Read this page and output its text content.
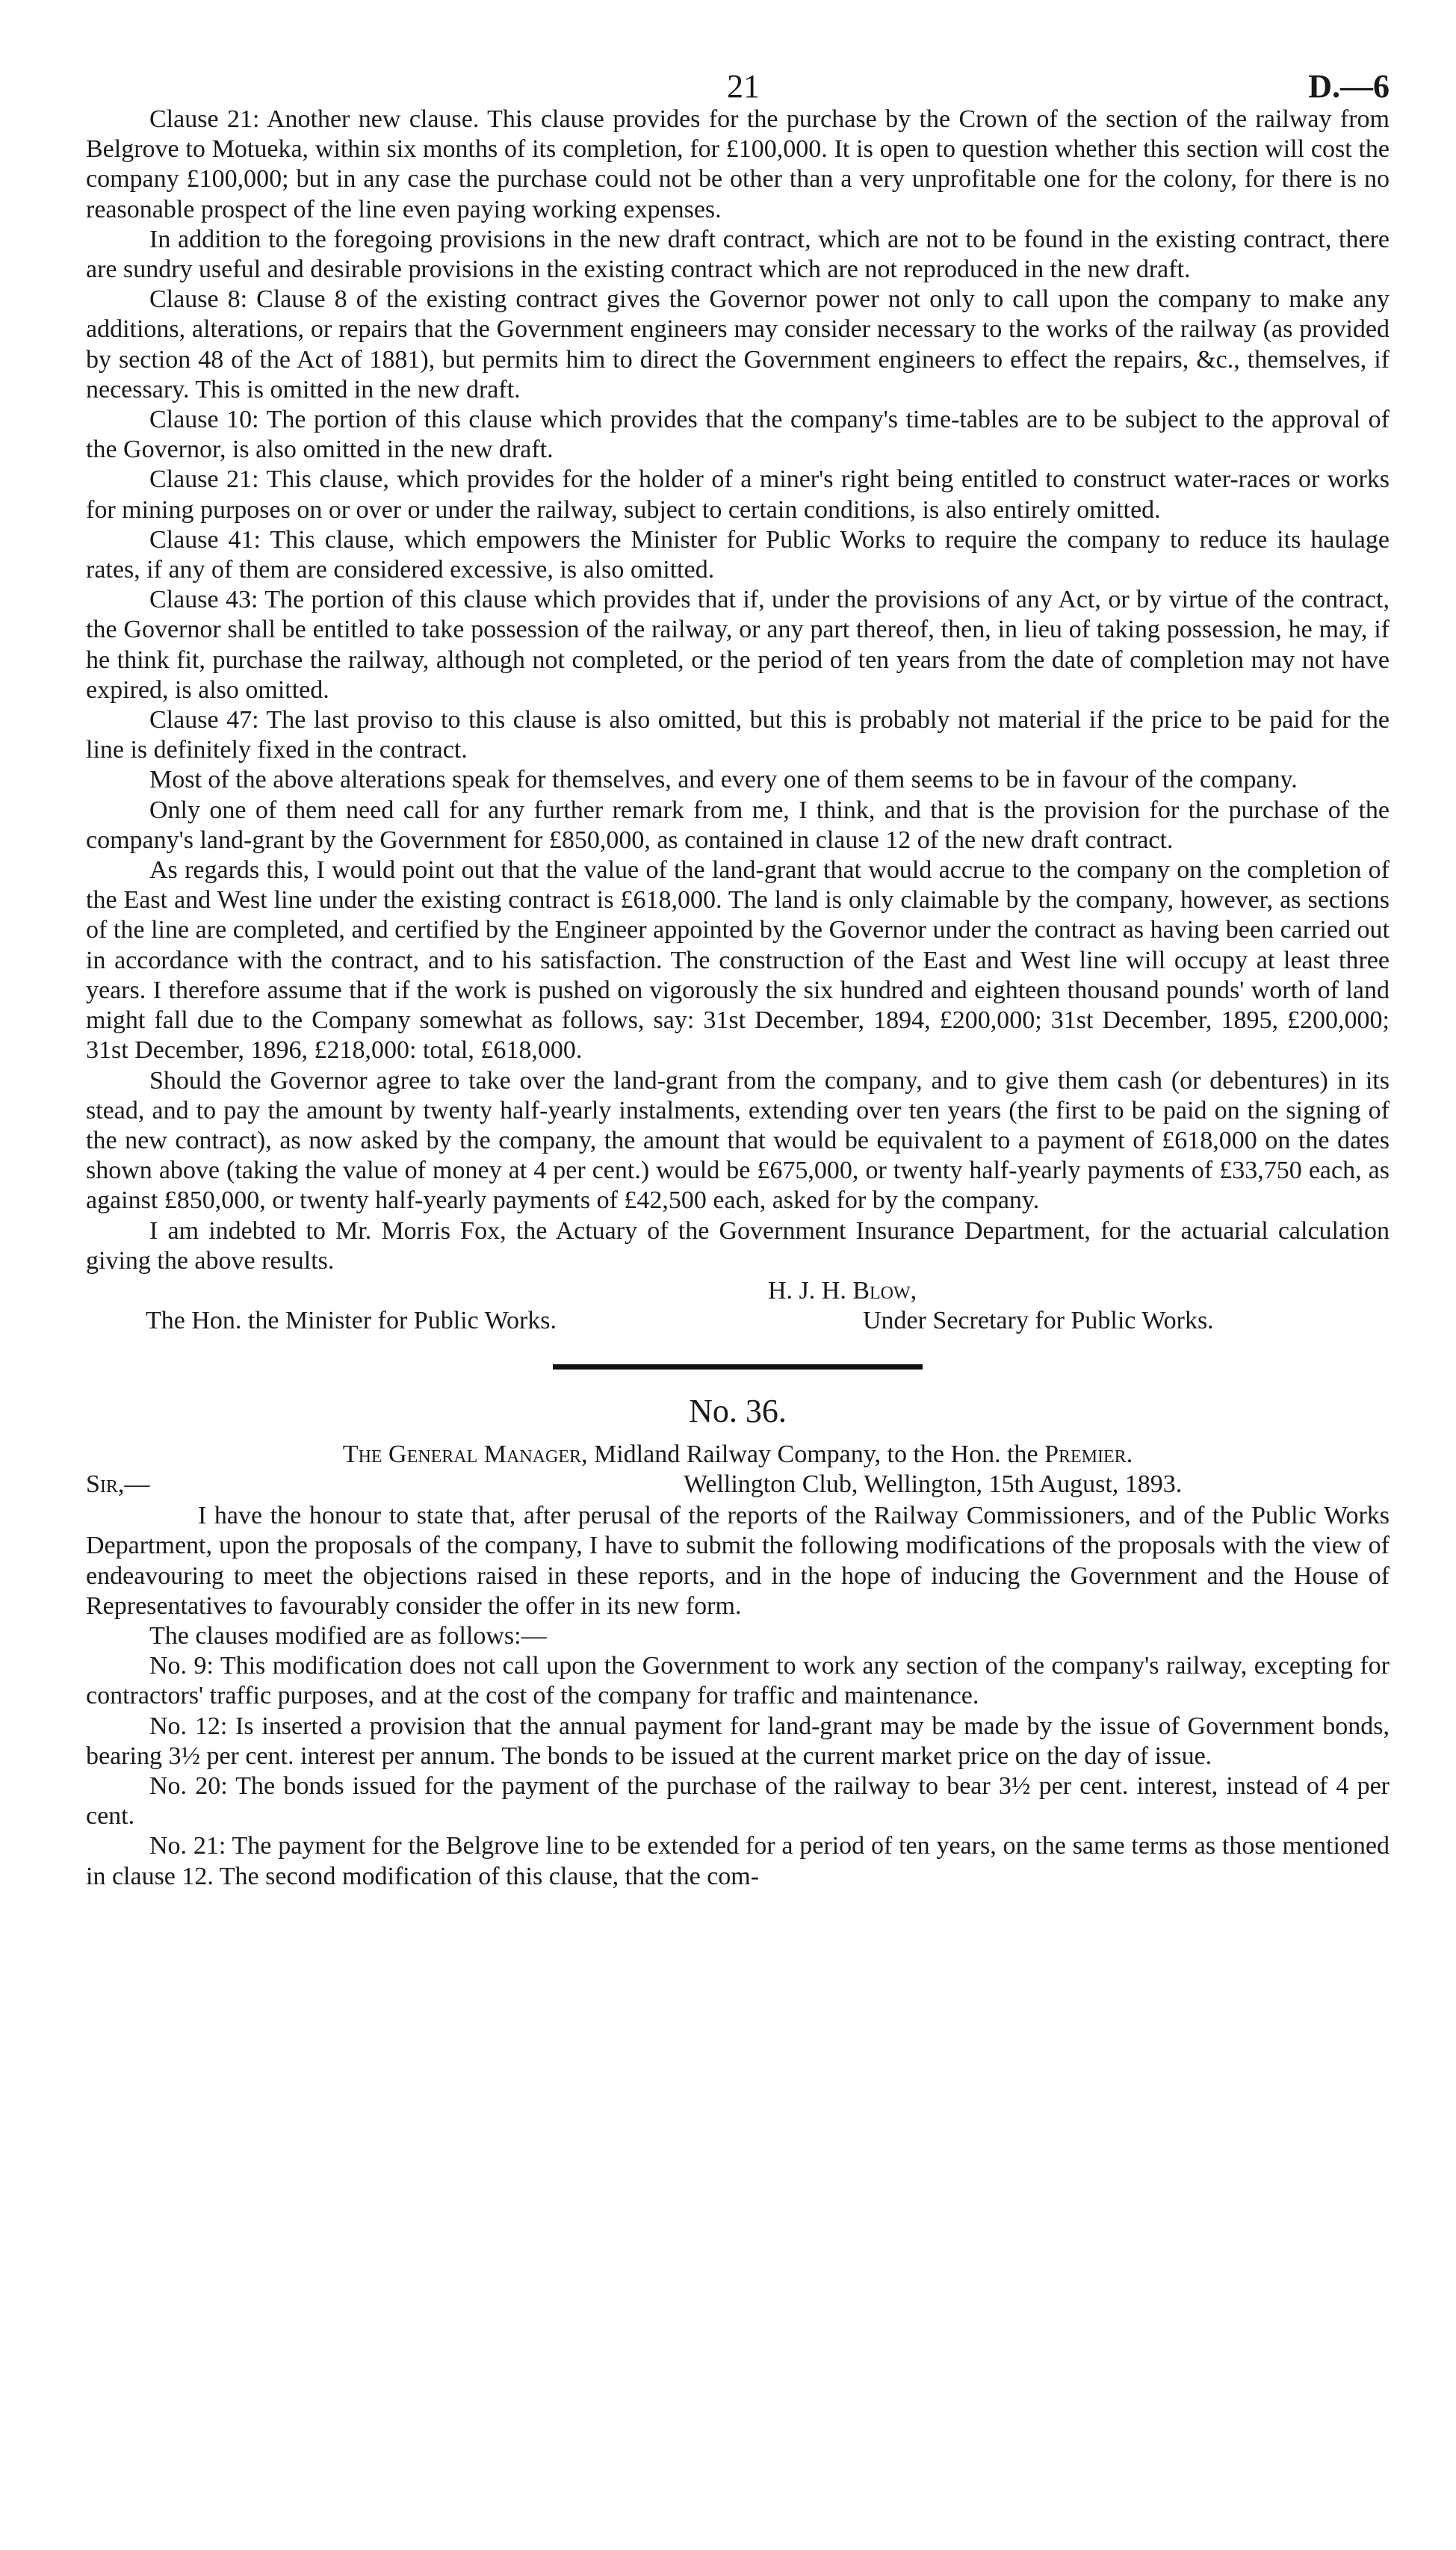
21	D.—6

Clause 21: Another new clause. This clause provides for the purchase by the Crown of the section of the railway from Belgrove to Motueka, within six months of its completion, for £100,000. It is open to question whether this section will cost the company £100,000; but in any case the purchase could not be other than a very unprofitable one for the colony, for there is no reasonable prospect of the line even paying working expenses.

In addition to the foregoing provisions in the new draft contract, which are not to be found in the existing contract, there are sundry useful and desirable provisions in the existing contract which are not reproduced in the new draft.

Clause 8: Clause 8 of the existing contract gives the Governor power not only to call upon the company to make any additions, alterations, or repairs that the Government engineers may consider necessary to the works of the railway (as provided by section 48 of the Act of 1881), but permits him to direct the Government engineers to effect the repairs, &c., themselves, if necessary. This is omitted in the new draft.

Clause 10: The portion of this clause which provides that the company's time-tables are to be subject to the approval of the Governor, is also omitted in the new draft.

Clause 21: This clause, which provides for the holder of a miner's right being entitled to construct water-races or works for mining purposes on or over or under the railway, subject to certain conditions, is also entirely omitted.

Clause 41: This clause, which empowers the Minister for Public Works to require the company to reduce its haulage rates, if any of them are considered excessive, is also omitted.

Clause 43: The portion of this clause which provides that if, under the provisions of any Act, or by virtue of the contract, the Governor shall be entitled to take possession of the railway, or any part thereof, then, in lieu of taking possession, he may, if he think fit, purchase the railway, although not completed, or the period of ten years from the date of completion may not have expired, is also omitted.

Clause 47: The last proviso to this clause is also omitted, but this is probably not material if the price to be paid for the line is definitely fixed in the contract.

Most of the above alterations speak for themselves, and every one of them seems to be in favour of the company.

Only one of them need call for any further remark from me, I think, and that is the provision for the purchase of the company's land-grant by the Government for £850,000, as contained in clause 12 of the new draft contract.

As regards this, I would point out that the value of the land-grant that would accrue to the company on the completion of the East and West line under the existing contract is £618,000. The land is only claimable by the company, however, as sections of the line are completed, and certified by the Engineer appointed by the Governor under the contract as having been carried out in accordance with the contract, and to his satisfaction. The construction of the East and West line will occupy at least three years. I therefore assume that if the work is pushed on vigorously the six hundred and eighteen thousand pounds' worth of land might fall due to the Company somewhat as follows, say: 31st December, 1894, £200,000; 31st December, 1895, £200,000; 31st December, 1896, £218,000: total, £618,000.

Should the Governor agree to take over the land-grant from the company, and to give them cash (or debentures) in its stead, and to pay the amount by twenty half-yearly instalments, extending over ten years (the first to be paid on the signing of the new contract), as now asked by the company, the amount that would be equivalent to a payment of £618,000 on the dates shown above (taking the value of money at 4 per cent.) would be £675,000, or twenty half-yearly payments of £33,750 each, as against £850,000, or twenty half-yearly payments of £42,500 each, asked for by the company.

I am indebted to Mr. Morris Fox, the Actuary of the Government Insurance Department, for the actuarial calculation giving the above results.

H. J. H. Blow,
The Hon. the Minister for Public Works.	Under Secretary for Public Works.
No. 36.
The General Manager, Midland Railway Company, to the Hon. the Premier.
Sir,—	Wellington Club, Wellington, 15th August, 1893.

I have the honour to state that, after perusal of the reports of the Railway Commissioners, and of the Public Works Department, upon the proposals of the company, I have to submit the following modifications of the proposals with the view of endeavouring to meet the objections raised in these reports, and in the hope of inducing the Government and the House of Representatives to favourably consider the offer in its new form.

The clauses modified are as follows:—

No. 9: This modification does not call upon the Government to work any section of the company's railway, excepting for contractors' traffic purposes, and at the cost of the company for traffic and maintenance.

No. 12: Is inserted a provision that the annual payment for land-grant may be made by the issue of Government bonds, bearing 3½ per cent. interest per annum. The bonds to be issued at the current market price on the day of issue.

No. 20: The bonds issued for the payment of the purchase of the railway to bear 3½ per cent. interest, instead of 4 per cent.

No. 21: The payment for the Belgrove line to be extended for a period of ten years, on the same terms as those mentioned in clause 12. The second modification of this clause, that the com-
